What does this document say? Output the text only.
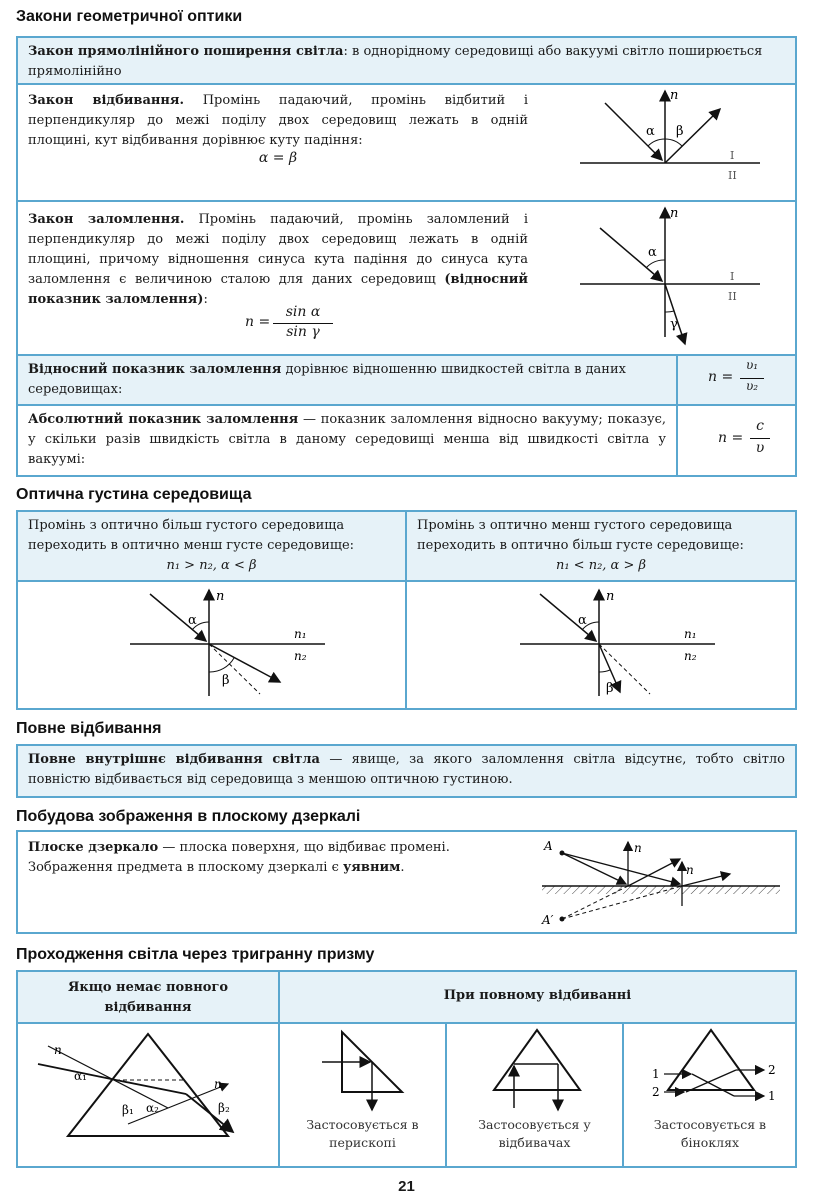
Закони геометричної оптики
Закон прямолінійного поширення світла: в однорідному середовищі або вакуумі світло поширюється прямолінійно
Закон відбивання. Промінь падаючий, промінь відбитий і перпендикуляр до межі поділу двох середовищ лежать в одній площині, кут відбивання дорівнює куту падіння:
α = β
n
α β
I
II
Закон заломлення. Промінь падаючий, промінь заломлений і перпендикуляр до межі поділу двох середовищ лежать в одній площині, причому відношення синуса кута падіння до синуса кута заломлення є величиною сталою для даних середовищ (відносний показник заломлення):
n =
sin α
sin γ
n
α
γ
I
II
Відносний показник заломлення дорівнює відношенню швидкостей світла в даних середовищах:
n =
υ₁
υ₂
Абсолютний показник заломлення — показник заломлення відносно вакууму; показує, у скільки разів швидкість світла в даному середовищі менша від швидкості світла у вакуумі:
n =
c
υ
Оптична густина середовища
Промінь з оптично більш густого середовища переходить в оптично менш густе середовище:
n₁ > n₂, α < β
Промінь з оптично менш густого середовища переходить в оптично більш густе середовище:
n₁ < n₂, α > β
n
α
β
n₁
n₂
n
α
β
n₁
n₂
Повне відбивання
Повне внутрішнє відбивання світла — явище, за якого заломлення світла відсутнє, тобто світло повністю відбивається від середовища з меншою оптичною густиною.
Побудова зображення в плоскому дзеркалі
Плоске дзеркало — плоска поверхня, що відбиває промені. Зображення предмета в плоскому дзеркалі є уявним.
A
A′
n
n
Проходження світла через тригранну призму
Якщо немає повного відбивання
При повному відбиванні
n
n
α₁
β₁ α₂	β₂
Застосовується в перископі
Застосовується у відбивачах
1
2
2
1
Застосовується в біноклях
21
